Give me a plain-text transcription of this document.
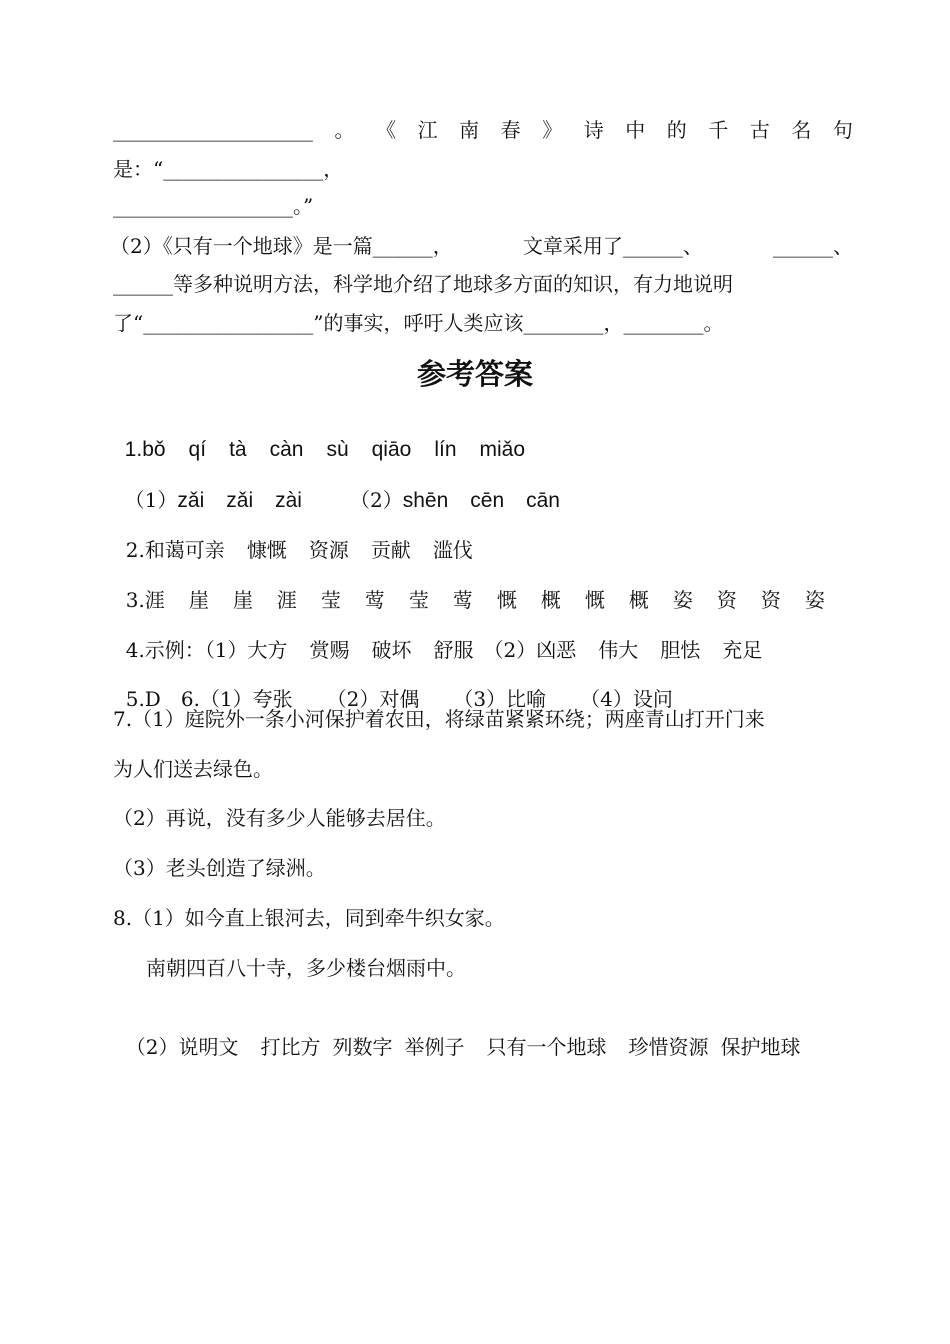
____________________ 。 《 江 南 春 》 诗 中 的 千 古 名 句
是：“________________，
__________________。”
（2）《只有一个地球》是一篇______，	文章采用了______、	______、
______等多种说明方法，科学地介绍了地球多方面的知识，有力地说明
了“_________________”的事实，呼吁人类应该________，________。
参考答案

1.bǒ qí tà càn sù qiāo lín miǎo

（1）zǎi zǎi zài （2）shēn cēn cān

2.和蔼可亲 慷慨 资源 贡献 滥伐

3.涯 崖 崖 涯 莹 莺 莹 莺 慨 概 慨 概 姿 资 资 姿

4.示例：（1）大方 赏赐 破坏 舒服 （2）凶恶 伟大 胆怯 充足

5.D 6.（1）夸张 （2）对偶 （3）比喻 （4）设问

7.（1）庭院外一条小河保护着农田，将绿苗紧紧环绕；两座青山打开门来
为人们送去绿色。
（2）再说，没有多少人能够去居住。
（3）老头创造了绿洲。
8.（1）如今直上银河去，同到牵牛织女家。
南朝四百八十寺，多少楼台烟雨中。

（2）说明文 打比方 列数字 举例子 只有一个地球 珍惜资源 保护地球
